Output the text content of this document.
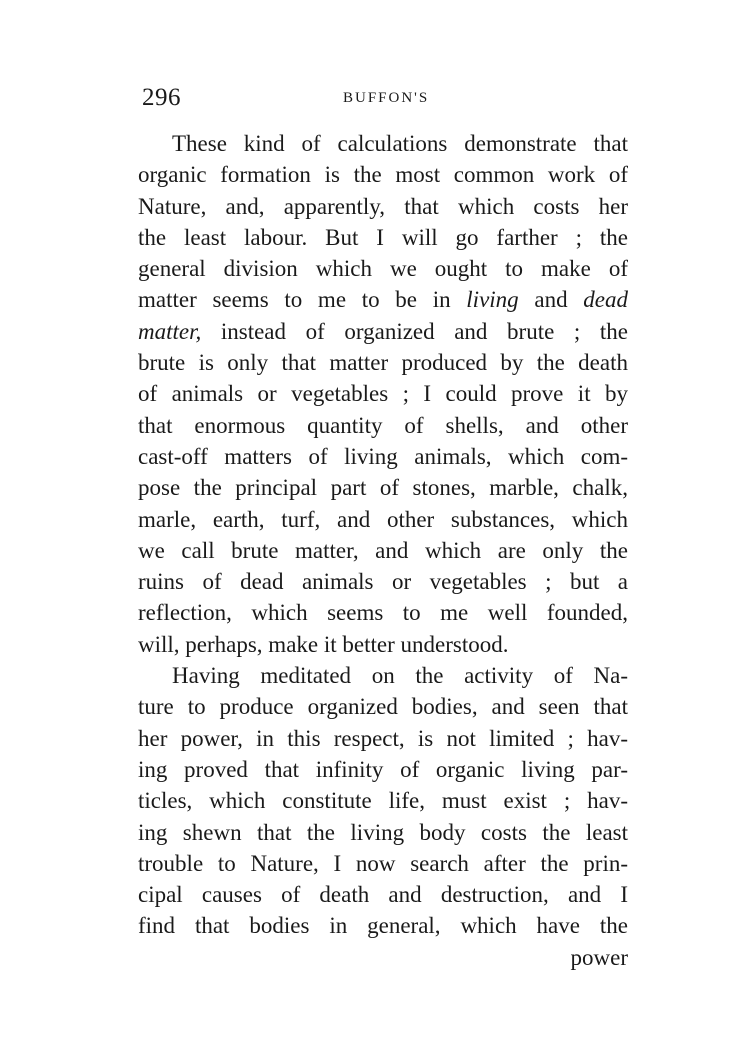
296	BUFFON'S
These kind of calculations demonstrate that
organic formation is the most common work of
Nature, and, apparently, that which costs her
the least labour. But I will go farther ; the
general division which we ought to make of
matter seems to me to be in living and dead
matter, instead of organized and brute ; the
brute is only that matter produced by the death
of animals or vegetables ; I could prove it by
that enormous quantity of shells, and other
cast-off matters of living animals, which com-
pose the principal part of stones, marble, chalk,
marle, earth, turf, and other substances, which
we call brute matter, and which are only the
ruins of dead animals or vegetables ; but a
reflection, which seems to me well founded,
will, perhaps, make it better understood.
Having meditated on the activity of Na-
ture to produce organized bodies, and seen that
her power, in this respect, is not limited ; hav-
ing proved that infinity of organic living par-
ticles, which constitute life, must exist ; hav-
ing shewn that the living body costs the least
trouble to Nature, I now search after the prin-
cipal causes of death and destruction, and I
find that bodies in general, which have the
power
